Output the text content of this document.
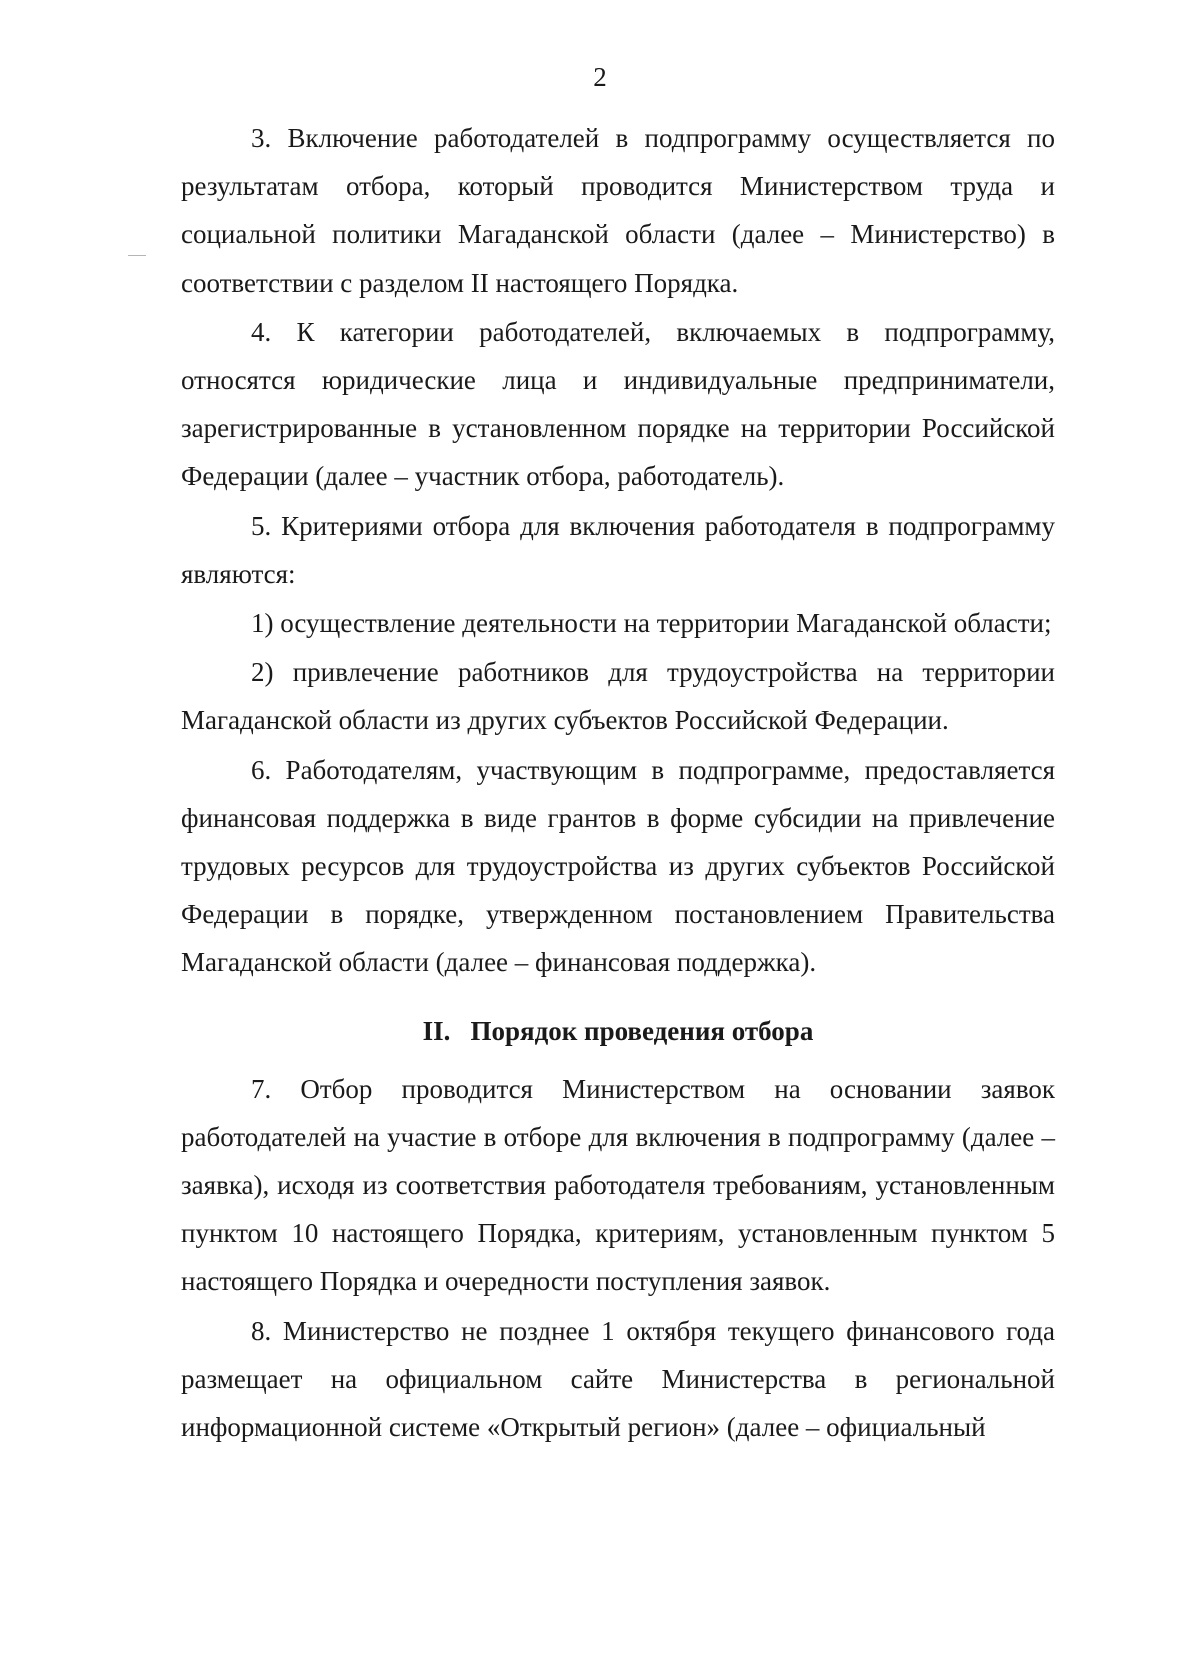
2

3. Включение работодателей в подпрограмму осуществляется по результатам отбора, который проводится Министерством труда и социальной политики Магаданской области (далее – Министерство) в соответствии с разделом II настоящего Порядка.

4. К категории работодателей, включаемых в подпрограмму, относятся юридические лица и индивидуальные предприниматели, зарегистрированные в установленном порядке на территории Российской Федерации (далее – участник отбора, работодатель).

5. Критериями отбора для включения работодателя в подпрограмму являются:

1) осуществление деятельности на территории Магаданской области;

2) привлечение работников для трудоустройства на территории Магаданской области из других субъектов Российской Федерации.

6. Работодателям, участвующим в подпрограмме, предоставляется финансовая поддержка в виде грантов в форме субсидии на привлечение трудовых ресурсов для трудоустройства из других субъектов Российской Федерации в порядке, утвержденном постановлением Правительства Магаданской области (далее – финансовая поддержка).

II. Порядок проведения отбора

7. Отбор проводится Министерством на основании заявок работодателей на участие в отборе для включения в подпрограмму (далее – заявка), исходя из соответствия работодателя требованиям, установленным пунктом 10 настоящего Порядка, критериям, установленным пунктом 5 настоящего Порядка и очередности поступления заявок.

8. Министерство не позднее 1 октября текущего финансового года размещает на официальном сайте Министерства в региональной информационной системе «Открытый регион» (далее – официальный
